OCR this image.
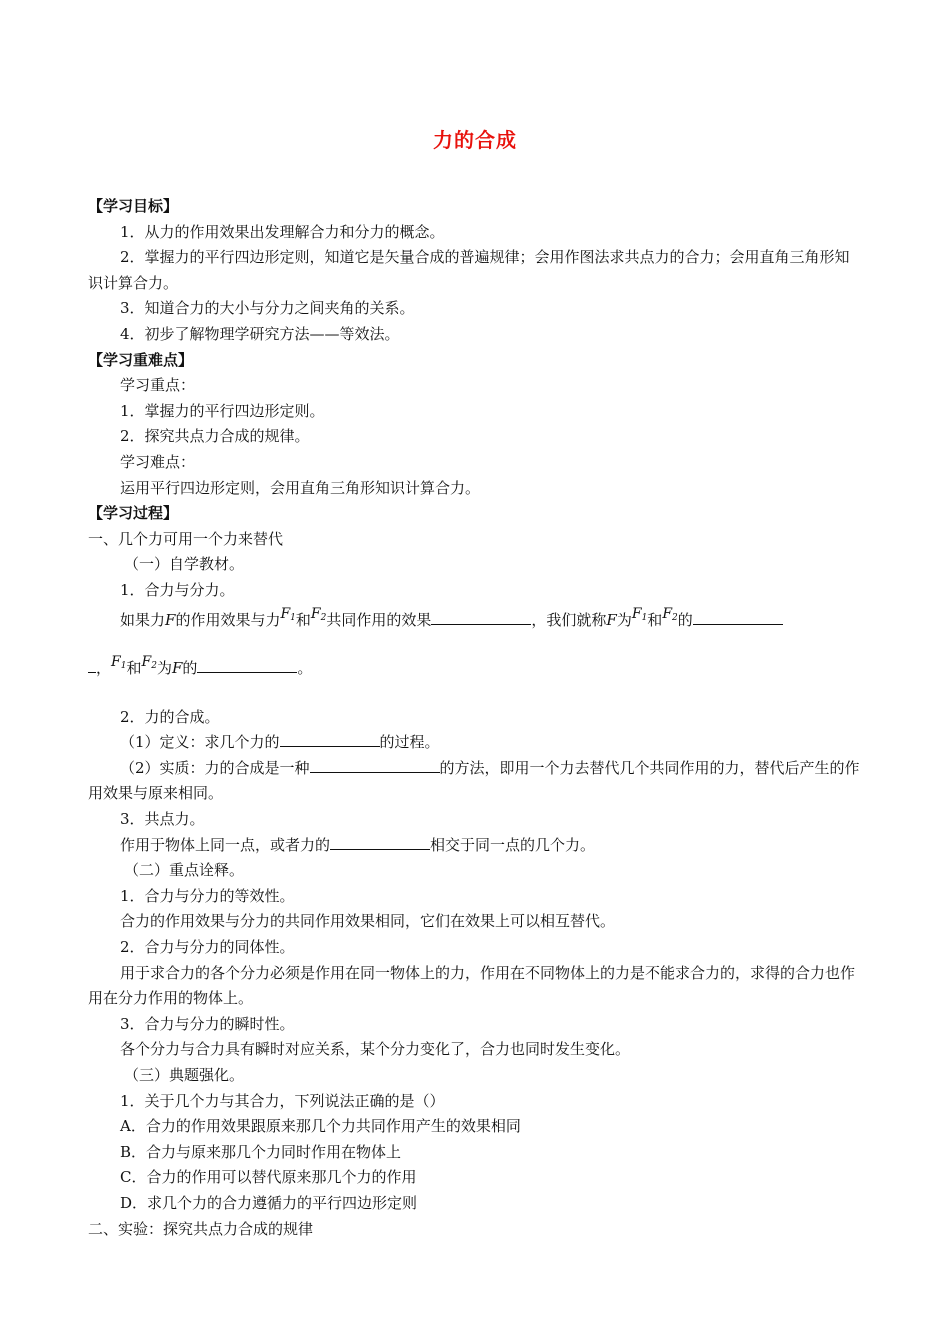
力的合成

【学习目标】

1．从力的作用效果出发理解合力和分力的概念。

2．掌握力的平行四边形定则，知道它是矢量合成的普遍规律；会用作图法求共点力的合力；会用直角三角形知识计算合力。

3．知道合力的大小与分力之间夹角的关系。

4．初步了解物理学研究方法——等效法。

【学习重难点】

学习重点：

1．掌握力的平行四边形定则。

2．探究共点力合成的规律。

学习难点：

运用平行四边形定则，会用直角三角形知识计算合力。

【学习过程】

一、几个力可用一个力来替代

（一）自学教材。

1．合力与分力。

如果力F的作用效果与力$F_1$和$F_2$共同作用的效果	，我们就称F为$F_1$和$F_2$的

，$F_1$和$F_2$为F的	。

2．力的合成。

（1）定义：求几个力的	的过程。

（2）实质：力的合成是一种	的方法，即用一个力去替代几个共同作用的力，替代后产生的作用效果与原来相同。

3．共点力。

作用于物体上同一点，或者力的	相交于同一点的几个力。

（二）重点诠释。

1．合力与分力的等效性。

合力的作用效果与分力的共同作用效果相同，它们在效果上可以相互替代。

2．合力与分力的同体性。

用于求合力的各个分力必须是作用在同一物体上的力，作用在不同物体上的力是不能求合力的，求得的合力也作用在分力作用的物体上。

3．合力与分力的瞬时性。

各个分力与合力具有瞬时对应关系，某个分力变化了，合力也同时发生变化。

（三）典题强化。

1．关于几个力与其合力，下列说法正确的是（）

A．合力的作用效果跟原来那几个力共同作用产生的效果相同

B．合力与原来那几个力同时作用在物体上

C．合力的作用可以替代原来那几个力的作用

D．求几个力的合力遵循力的平行四边形定则

二、实验：探究共点力合成的规律
